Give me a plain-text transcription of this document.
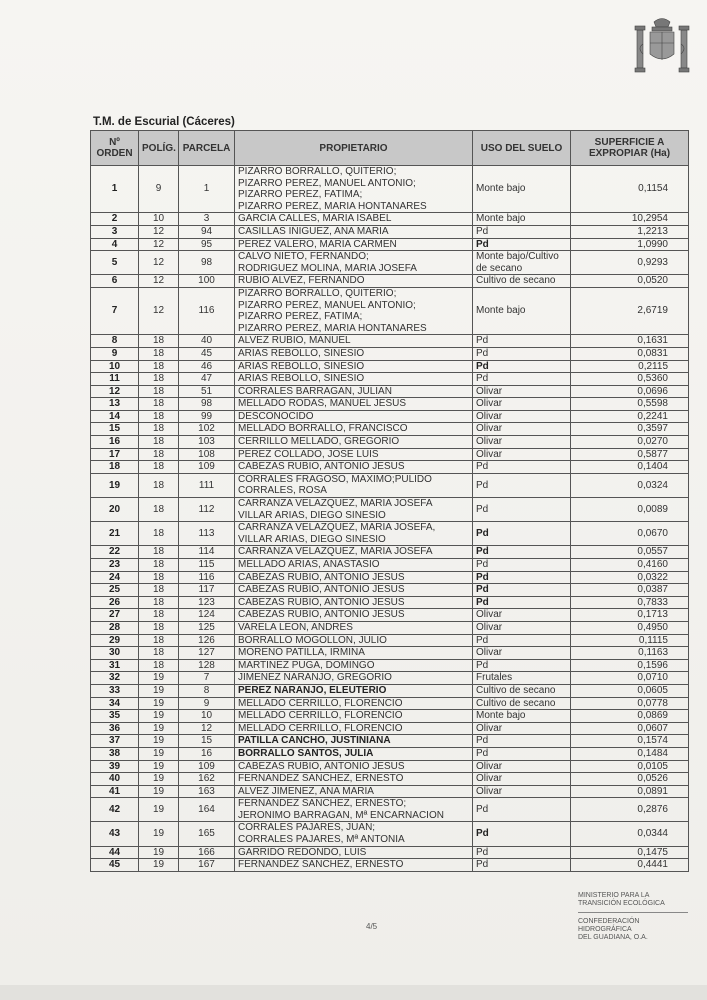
T.M. de Escurial (Cáceres)
Nº ORDEN	POLÍG.	PARCELA	PROPIETARIO	USO DEL SUELO	SUPERFICIE A EXPROPIAR (Ha)
1	9	1	PIZARRO BORRALLO, QUITERIO;
PIZARRO PEREZ, MANUEL ANTONIO;
PIZARRO PEREZ, FATIMA;
PIZARRO PEREZ, MARIA HONTANARES	Monte bajo	0,1154
2	10	3	GARCIA CALLES, MARIA ISABEL	Monte bajo	10,2954
3	12	94	CASILLAS IÑIGUEZ, ANA MARIA	Pd	1,2213
4	12	95	PEREZ VALERO, MARIA CARMEN	Pd	1,0990
5	12	98	CALVO NIETO, FERNANDO;
RODRIGUEZ MOLINA, MARIA JOSEFA	Monte bajo/Cultivo de secano	0,9293
6	12	100	RUBIO ALVEZ, FERNANDO	Cultivo de secano	0,0520
7	12	116	PIZARRO BORRALLO, QUITERIO;
PIZARRO PEREZ, MANUEL ANTONIO;
PIZARRO PEREZ, FATIMA;
PIZARRO PEREZ, MARIA HONTANARES	Monte bajo	2,6719
8	18	40	ALVEZ RUBIO, MANUEL	Pd	0,1631
9	18	45	ARIAS REBOLLO, SINESIO	Pd	0,0831
10	18	46	ARIAS REBOLLO, SINESIO	Pd	0,2115
11	18	47	ARIAS REBOLLO, SINESIO	Pd	0,5360
12	18	51	CORRALES BARRAGAN, JULIAN	Olivar	0,0696
13	18	98	MELLADO RODAS, MANUEL JESUS	Olivar	0,5598
14	18	99	DESCONOCIDO	Olivar	0,2241
15	18	102	MELLADO BORRALLO, FRANCISCO	Olivar	0,3597
16	18	103	CERRILLO MELLADO, GREGORIO	Olivar	0,0270
17	18	108	PEREZ COLLADO, JOSE LUIS	Olivar	0,5877
18	18	109	CABEZAS RUBIO, ANTONIO JESUS	Pd	0,1404
19	18	111	CORRALES FRAGOSO, MAXIMO;PULIDO
CORRALES, ROSA	Pd	0,0324
20	18	112	CARRANZA VELAZQUEZ, MARIA JOSEFA
VILLAR ARIAS, DIEGO SINESIO	Pd	0,0089
21	18	113	CARRANZA VELAZQUEZ, MARIA JOSEFA,
VILLAR ARIAS, DIEGO SINESIO	Pd	0,0670
22	18	114	CARRANZA VELAZQUEZ, MARIA JOSEFA	Pd	0,0557
23	18	115	MELLADO ARIAS, ANASTASIO	Pd	0,4160
24	18	116	CABEZAS RUBIO, ANTONIO JESUS	Pd	0,0322
25	18	117	CABEZAS RUBIO, ANTONIO JESUS	Pd	0,0387
26	18	123	CABEZAS RUBIO, ANTONIO JESUS	Pd	0,7833
27	18	124	CABEZAS RUBIO, ANTONIO JESUS	Olivar	0,1713
28	18	125	VARELA LEON, ANDRES	Olivar	0,4950
29	18	126	BORRALLO MOGOLLON, JULIO	Pd	0,1115
30	18	127	MORENO PATILLA, IRMINA	Olivar	0,1163
31	18	128	MARTINEZ PUGA, DOMINGO	Pd	0,1596
32	19	7	JIMENEZ NARANJO, GREGORIO	Frutales	0,0710
33	19	8	PEREZ NARANJO, ELEUTERIO	Cultivo de secano	0,0605
34	19	9	MELLADO CERRILLO, FLORENCIO	Cultivo de secano	0,0778
35	19	10	MELLADO CERRILLO, FLORENCIO	Monte bajo	0,0869
36	19	12	MELLADO CERRILLO, FLORENCIO	Olivar	0,0607
37	19	15	PATILLA CANCHO, JUSTINIANA	Pd	0,1574
38	19	16	BORRALLO SANTOS, JULIA	Pd	0,1484
39	19	109	CABEZAS RUBIO, ANTONIO JESUS	Olivar	0,0105
40	19	162	FERNANDEZ SANCHEZ, ERNESTO	Olivar	0,0526
41	19	163	ALVEZ JIMENEZ, ANA MARIA	Olivar	0,0891
42	19	164	FERNANDEZ SANCHEZ, ERNESTO;
JERONIMO BARRAGAN, Mª ENCARNACION	Pd	0,2876
43	19	165	CORRALES PAJARES, JUAN;
CORRALES PAJARES, Mª ANTONIA	Pd	0,0344
44	19	166	GARRIDO REDONDO, LUIS	Pd	0,1475
45	19	167	FERNANDEZ SANCHEZ, ERNESTO	Pd	0,4441
4/5
MINISTERIO PARA LA
TRANSICIÓN ECOLÓGICA
CONFEDERACIÓN
HIDROGRÁFICA
DEL GUADIANA, O.A.
